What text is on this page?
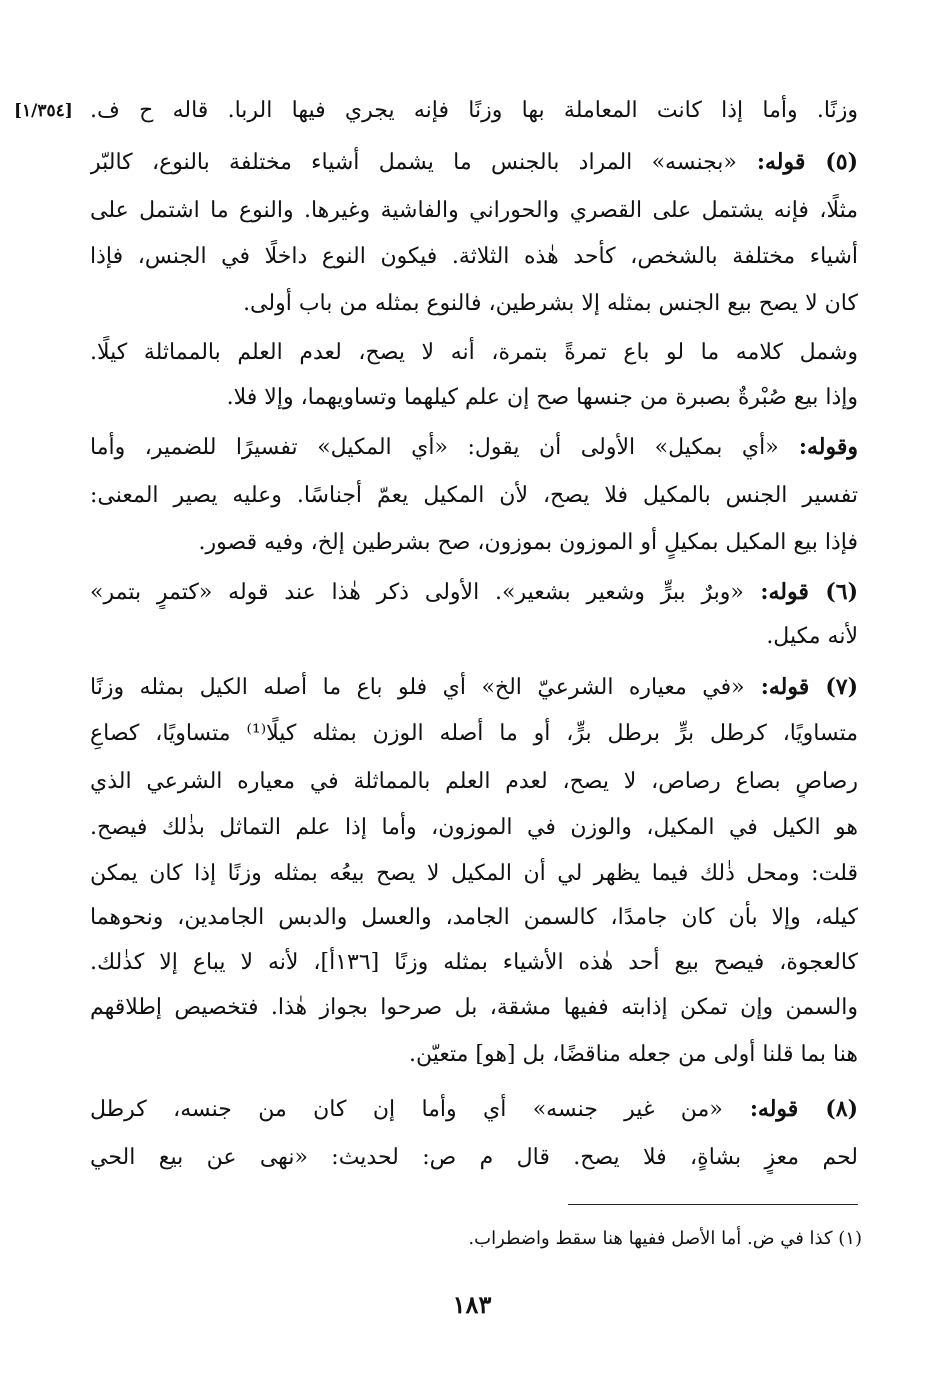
[١/٣٥٤] وزنًا. وأما إذا كانت المعاملة بها وزنًا فإنه يجري فيها الربا. قاله ح ف.
(٥) قوله: «بجنسه» المراد بالجنس ما يشمل أشياء مختلفة بالنوع، كالبّر
مثلًا، فإنه يشتمل على القصري والحوراني والفاشية وغيرها. والنوع ما اشتمل على
أشياء مختلفة بالشخص، كأحد هٰذه الثلاثة. فيكون النوع داخلًا في الجنس، فإذا
كان لا يصح بيع الجنس بمثله إلا بشرطين، فالنوع بمثله من باب أولى.
وشمل كلامه ما لو باع تمرةً بتمرة، أنه لا يصح، لعدم العلم بالمماثلة كيلًا.
وإذا بيع صُبْرةٌ بصبرة من جنسها صح إن علم كيلهما وتساويهما، وإلا فلا.
وقوله: «أي بمكيل» الأولى أن يقول: «أي المكيل» تفسيرًا للضمير، وأما
تفسير الجنس بالمكيل فلا يصح، لأن المكيل يعمّ أجناسًا. وعليه يصير المعنى:
فإذا بيع المكيل بمكيلٍ أو الموزون بموزون، صح بشرطين إلخ، وفيه قصور.
(٦) قوله: «وبرٌ ببرٍّ وشعير بشعير». الأولى ذكر هٰذا عند قوله «كتمرٍ بتمر»
لأنه مكيل.
(٧) قوله: «في معياره الشرعيّ الخ» أي فلو باع ما أصله الكيل بمثله وزنًا
متساويًا، كرطل برٍّ برطل برٍّ، أو ما أصله الوزن بمثله كيلًا⁽¹⁾ متساويًا، كصاعِ
رصاصٍ بصاع رصاص، لا يصح، لعدم العلم بالمماثلة في معياره الشرعي الذي
هو الكيل في المكيل، والوزن في الموزون، وأما إذا علم التماثل بذٰلك فيصح.
قلت: ومحل ذٰلك فيما يظهر لي أن المكيل لا يصح بيعُه بمثله وزنًا إذا كان يمكن
كيله، وإلا بأن كان جامدًا، كالسمن الجامد، والعسل والدبس الجامدين، ونحوهما
كالعجوة، فيصح بيع أحد هٰذه الأشياء بمثله وزنًا [١٣٦أ]، لأنه لا يباع إلا كذٰلك.
والسمن وإن تمكن إذابته ففيها مشقة، بل صرحوا بجواز هٰذا. فتخصيص إطلاقهم
هنا بما قلنا أولى من جعله مناقضًا، بل [هو] متعيّن.
(٨) قوله: «من غير جنسه» أي وأما إن كان من جنسه، كرطل
لحم معزٍ بشاةٍ، فلا يصح. قال م ص: لحديث: «نهى عن بيع الحي
(١) كذا في ض. أما الأصل ففيها هنا سقط واضطراب.
١٨٣
